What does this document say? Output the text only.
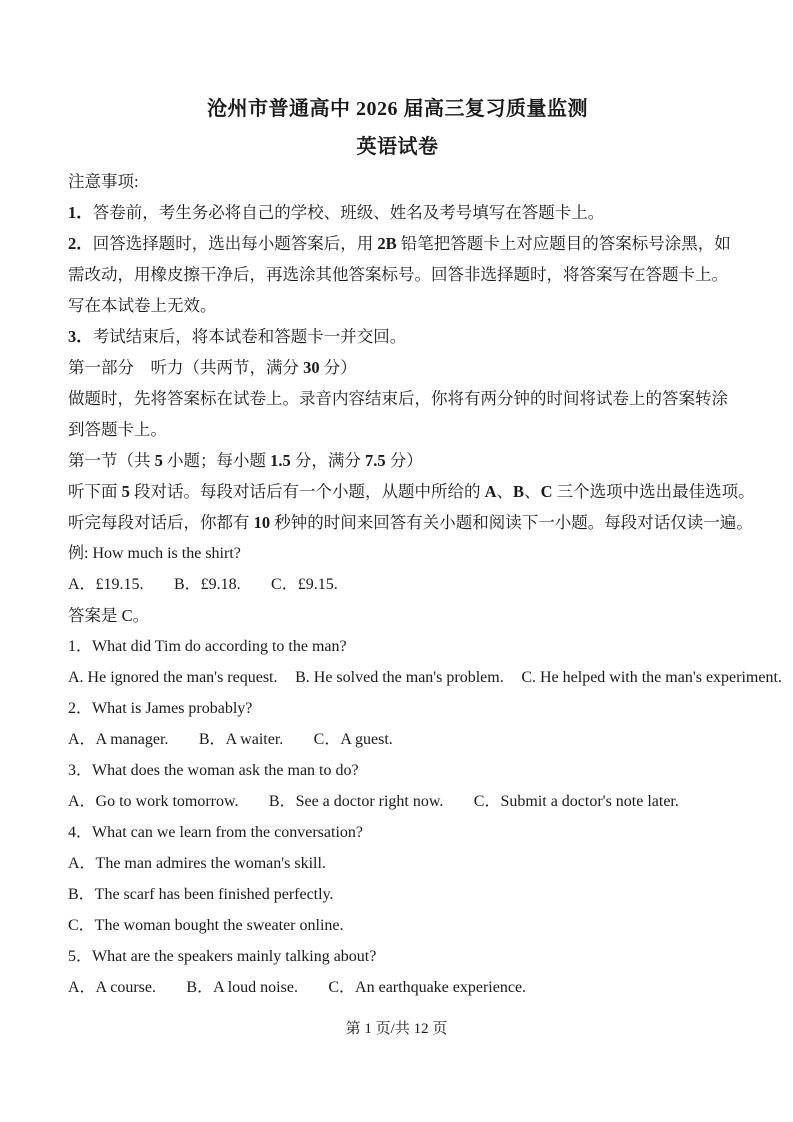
沧州市普通高中 2026 届高三复习质量监测
英语试卷
注意事项:
1．答卷前，考生务必将自己的学校、班级、姓名及考号填写在答题卡上。
2．回答选择题时，选出每小题答案后，用 2B 铅笔把答题卡上对应题目的答案标号涂黑，如
需改动，用橡皮擦干净后，再选涂其他答案标号。回答非选择题时，将答案写在答题卡上。
写在本试卷上无效。
3．考试结束后，将本试卷和答题卡一并交回。
第一部分　听力（共两节，满分 30 分）
做题时，先将答案标在试卷上。录音内容结束后，你将有两分钟的时间将试卷上的答案转涂
到答题卡上。
第一节（共 5 小题；每小题 1.5 分，满分 7.5 分）
听下面 5 段对话。每段对话后有一个小题，从题中所给的 A、B、C 三个选项中选出最佳选项。
听完每段对话后，你都有 10 秒钟的时间来回答有关小题和阅读下一小题。每段对话仅读一遍。
例: How much is the shirt?
A．£19.15. B．£9.18. C．£9.15.
答案是 C。
1．What did Tim do according to the man?
A. He ignored the man's request. B. He solved the man's problem. C. He helped with the man's experiment.
2．What is James probably?
A．A manager. B．A waiter. C．A guest.
3．What does the woman ask the man to do?
A．Go to work tomorrow. B．See a doctor right now. C．Submit a doctor's note later.
4．What can we learn from the conversation?
A．The man admires the woman's skill.
B．The scarf has been finished perfectly.
C．The woman bought the sweater online.
5．What are the speakers mainly talking about?
A．A course. B．A loud noise. C．An earthquake experience.
第 1 页/共 12 页
